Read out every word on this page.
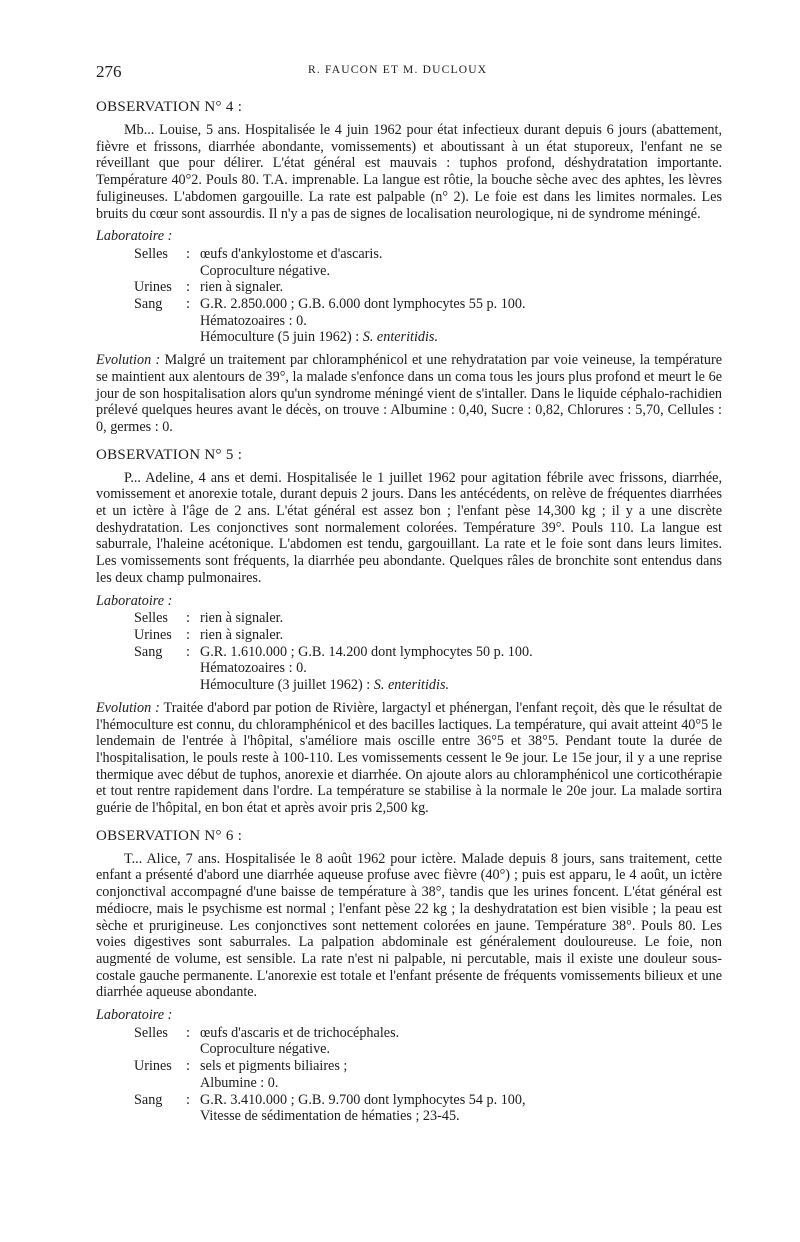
276	R. FAUCON ET M. DUCLOUX
OBSERVATION N° 4 :

Mb... Louise, 5 ans. Hospitalisée le 4 juin 1962 pour état infectieux durant depuis 6 jours (abattement, fièvre et frissons, diarrhée abondante, vomissements) et aboutissant à un état stuporeux, l'enfant ne se réveillant que pour délirer. L'état général est mauvais : tuphos profond, déshydratation importante. Température 40°2. Pouls 80. T.A. imprenable. La langue est rôtie, la bouche sèche avec des aphtes, les lèvres fuligineuses. L'abdomen gargouille. La rate est palpable (n° 2). Le foie est dans les limites normales. Les bruits du cœur sont assourdis. Il n'y a pas de signes de localisation neurologique, ni de syndrome méningé.

Laboratoire :
Selles	:	œufs d'ankylostome et d'ascaris.
		Coproculture négative.
Urines	:	rien à signaler.
Sang	:	G.R. 2.850.000 ; G.B. 6.000 dont lymphocytes 55 p. 100.
		Hématozoaires : 0.
		Hémoculture (5 juin 1962) : S. enteritidis.

Evolution : Malgré un traitement par chloramphénicol et une rehydratation par voie veineuse, la température se maintient aux alentours de 39°, la malade s'enfonce dans un coma tous les jours plus profond et meurt le 6e jour de son hospitalisation alors qu'un syndrome méningé vient de s'intaller. Dans le liquide céphalo-rachidien prélevé quelques heures avant le décès, on trouve : Albumine : 0,40, Sucre : 0,82, Chlorures : 5,70, Cellules : 0, germes : 0.

OBSERVATION N° 5 :

P... Adeline, 4 ans et demi. Hospitalisée le 1 juillet 1962 pour agitation fébrile avec frissons, diarrhée, vomissement et anorexie totale, durant depuis 2 jours. Dans les antécédents, on relève de fréquentes diarrhées et un ictère à l'âge de 2 ans. L'état général est assez bon ; l'enfant pèse 14,300 kg ; il y a une discrète deshydratation. Les conjonctives sont normalement colorées. Température 39°. Pouls 110. La langue est saburrale, l'haleine acétonique. L'abdomen est tendu, gargouillant. La rate et le foie sont dans leurs limites. Les vomissements sont fréquents, la diarrhée peu abondante. Quelques râles de bronchite sont entendus dans les deux champ pulmonaires.

Laboratoire :
Selles	:	rien à signaler.
Urines	:	rien à signaler.
Sang	:	G.R. 1.610.000 ; G.B. 14.200 dont lymphocytes 50 p. 100.
		Hématozoaires : 0.
		Hémoculture (3 juillet 1962) : S. enteritidis.

Evolution : Traitée d'abord par potion de Rivière, largactyl et phénergan, l'enfant reçoit, dès que le résultat de l'hémoculture est connu, du chloramphénicol et des bacilles lactiques. La température, qui avait atteint 40°5 le lendemain de l'entrée à l'hôpital, s'améliore mais oscille entre 36°5 et 38°5. Pendant toute la durée de l'hospitalisation, le pouls reste à 100-110. Les vomissements cessent le 9e jour. Le 15e jour, il y a une reprise thermique avec début de tuphos, anorexie et diarrhée. On ajoute alors au chloramphénicol une corticothérapie et tout rentre rapidement dans l'ordre. La température se stabilise à la normale le 20e jour. La malade sortira guérie de l'hôpital, en bon état et après avoir pris 2,500 kg.

OBSERVATION N° 6 :

T... Alice, 7 ans. Hospitalisée le 8 août 1962 pour ictère. Malade depuis 8 jours, sans traitement, cette enfant a présenté d'abord une diarrhée aqueuse profuse avec fièvre (40°) ; puis est apparu, le 4 août, un ictère conjonctival accompagné d'une baisse de température à 38°, tandis que les urines foncent. L'état général est médiocre, mais le psychisme est normal ; l'enfant pèse 22 kg ; la deshydratation est bien visible ; la peau est sèche et prurigineuse. Les conjonctives sont nettement colorées en jaune. Température 38°. Pouls 80. Les voies digestives sont saburrales. La palpation abdominale est généralement douloureuse. Le foie, non augmenté de volume, est sensible. La rate n'est ni palpable, ni percutable, mais il existe une douleur sous-costale gauche permanente. L'anorexie est totale et l'enfant présente de fréquents vomissements bilieux et une diarrhée aqueuse abondante.

Laboratoire :
Selles	:	œufs d'ascaris et de trichocéphales.
		Coproculture négative.
Urines	:	sels et pigments biliaires ;
		Albumine : 0.
Sang	:	G.R. 3.410.000 ; G.B. 9.700 dont lymphocytes 54 p. 100,
		Vitesse de sédimentation de hématies ; 23-45.
